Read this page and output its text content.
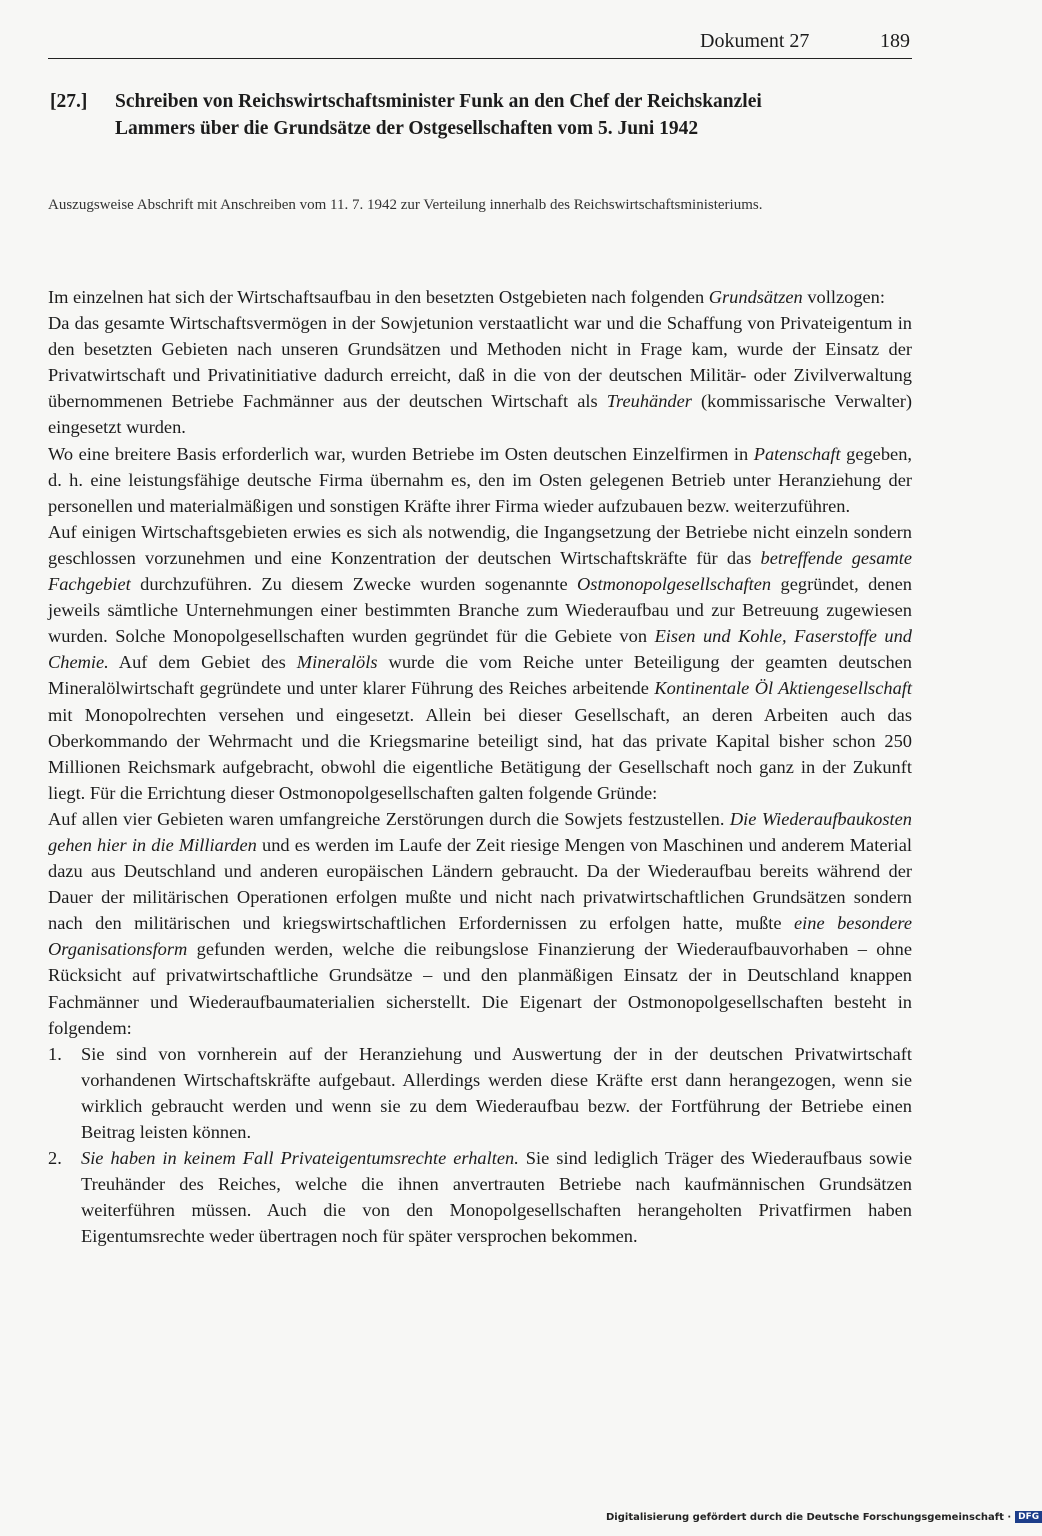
Dokument 27	189
[27.] Schreiben von Reichswirtschaftsminister Funk an den Chef der Reichskanzlei
Lammers über die Grundsätze der Ostgesellschaften vom 5. Juni 1942
Auszugsweise Abschrift mit Anschreiben vom 11. 7. 1942 zur Verteilung innerhalb des Reichswirtschaftsministeriums.

Im einzelnen hat sich der Wirtschaftsaufbau in den besetzten Ostgebieten nach folgenden Grundsätzen vollzogen:

Da das gesamte Wirtschaftsvermögen in der Sowjetunion verstaatlicht war und die Schaffung von Privateigentum in den besetzten Gebieten nach unseren Grundsätzen und Methoden nicht in Frage kam, wurde der Einsatz der Privatwirtschaft und Privatinitiative dadurch erreicht, daß in die von der deutschen Militär- oder Zivilverwaltung übernommenen Betriebe Fachmänner aus der deutschen Wirtschaft als Treuhänder (kommissarische Verwalter) eingesetzt wurden.

Wo eine breitere Basis erforderlich war, wurden Betriebe im Osten deutschen Einzelfirmen in Patenschaft gegeben, d. h. eine leistungsfähige deutsche Firma übernahm es, den im Osten gelegenen Betrieb unter Heranziehung der personellen und materialmäßigen und sonstigen Kräfte ihrer Firma wieder aufzubauen bezw. weiterzuführen.

Auf einigen Wirtschaftsgebieten erwies es sich als notwendig, die Ingangsetzung der Betriebe nicht einzeln sondern geschlossen vorzunehmen und eine Konzentration der deutschen Wirtschaftskräfte für das betreffende gesamte Fachgebiet durchzuführen. Zu diesem Zwecke wurden sogenannte Ostmonopolgesellschaften gegründet, denen jeweils sämtliche Unternehmungen einer bestimmten Branche zum Wiederaufbau und zur Betreuung zugewiesen wurden. Solche Monopolgesellschaften wurden gegründet für die Gebiete von Eisen und Kohle, Faserstoffe und Chemie. Auf dem Gebiet des Mineralöls wurde die vom Reiche unter Beteiligung der geamten deutschen Mineralölwirtschaft gegründete und unter klarer Führung des Reiches arbeitende Kontinentale Öl Aktiengesellschaft mit Monopolrechten versehen und eingesetzt. Allein bei dieser Gesellschaft, an deren Arbeiten auch das Oberkommando der Wehrmacht und die Kriegsmarine beteiligt sind, hat das private Kapital bisher schon 250 Millionen Reichsmark aufgebracht, obwohl die eigentliche Betätigung der Gesellschaft noch ganz in der Zukunft liegt. Für die Errichtung dieser Ostmonopolgesellschaften galten folgende Gründe:

Auf allen vier Gebieten waren umfangreiche Zerstörungen durch die Sowjets festzustellen. Die Wiederaufbaukosten gehen hier in die Milliarden und es werden im Laufe der Zeit riesige Mengen von Maschinen und anderem Material dazu aus Deutschland und anderen europäischen Ländern gebraucht. Da der Wiederaufbau bereits während der Dauer der militärischen Operationen erfolgen mußte und nicht nach privatwirtschaftlichen Grundsätzen sondern nach den militärischen und kriegswirtschaftlichen Erfordernissen zu erfolgen hatte, mußte eine besondere Organisationsform gefunden werden, welche die reibungslose Finanzierung der Wiederaufbauvorhaben – ohne Rücksicht auf privatwirtschaftliche Grundsätze – und den planmäßigen Einsatz der in Deutschland knappen Fachmänner und Wiederaufbaumaterialien sicherstellt. Die Eigenart der Ostmonopolgesellschaften besteht in folgendem:

1. Sie sind von vornherein auf der Heranziehung und Auswertung der in der deutschen Privatwirtschaft vorhandenen Wirtschaftskräfte aufgebaut. Allerdings werden diese Kräfte erst dann herangezogen, wenn sie wirklich gebraucht werden und wenn sie zu dem Wiederaufbau bezw. der Fortführung der Betriebe einen Beitrag leisten können.
2. Sie haben in keinem Fall Privateigentumsrechte erhalten. Sie sind lediglich Träger des Wiederaufbaus sowie Treuhänder des Reiches, welche die ihnen anvertrauten Betriebe nach kaufmännischen Grundsätzen weiterführen müssen. Auch die von den Monopolgesellschaften herangeholten Privatfirmen haben Eigentumsrechte weder übertragen noch für später versprochen bekommen.
Digitalisierung gefördert durch die Deutsche Forschungsgemeinschaft · DFG
